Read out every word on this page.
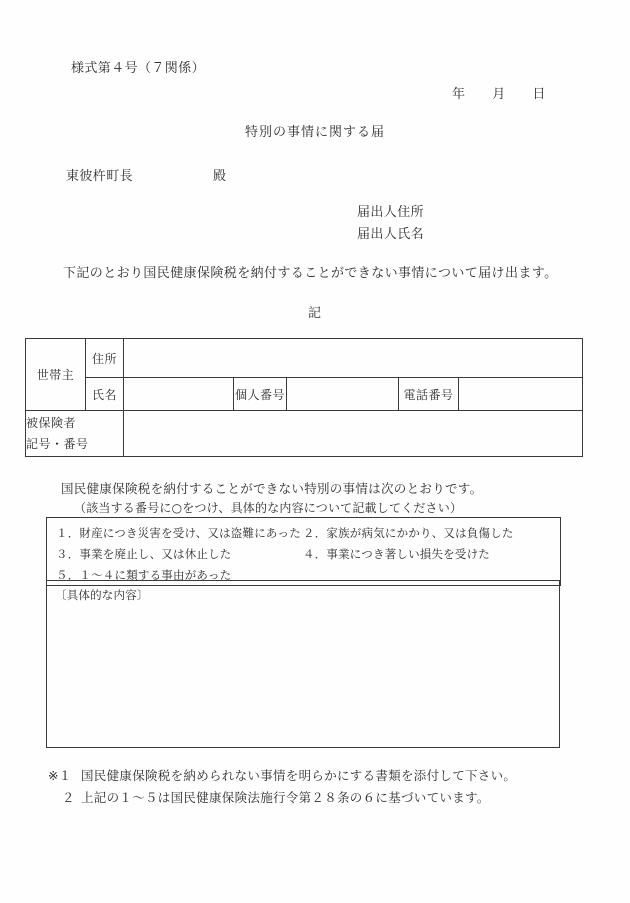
様式第４号（７関係）
年　　月　　日
特別の事情に関する届
東彼杵町長	殿
届出人住所
届出人氏名
下記のとおり国民健康保険税を納付することができない事情について届け出ます。
記
世帯主	住所					
	氏名		個人番号		電話番号	

被保険者
記号・番号						

国民健康保険税を納付することができない特別の事情は次のとおりです。
（該当する番号に○をつけ、具体的な内容について記載してください）
１．財産につき災害を受け、又は盗難にあった ２．家族が病気にかかり、又は負傷した
３．事業を廃止し、又は休止した	４．事業につき著しい損失を受けた
５．１～４に類する事由があった
〔具体的な内容〕
※１ 国民健康保険税を納められない事情を明らかにする書類を添付して下さい。
２ 上記の１～５は国民健康保険法施行令第２８条の６に基づいています。
